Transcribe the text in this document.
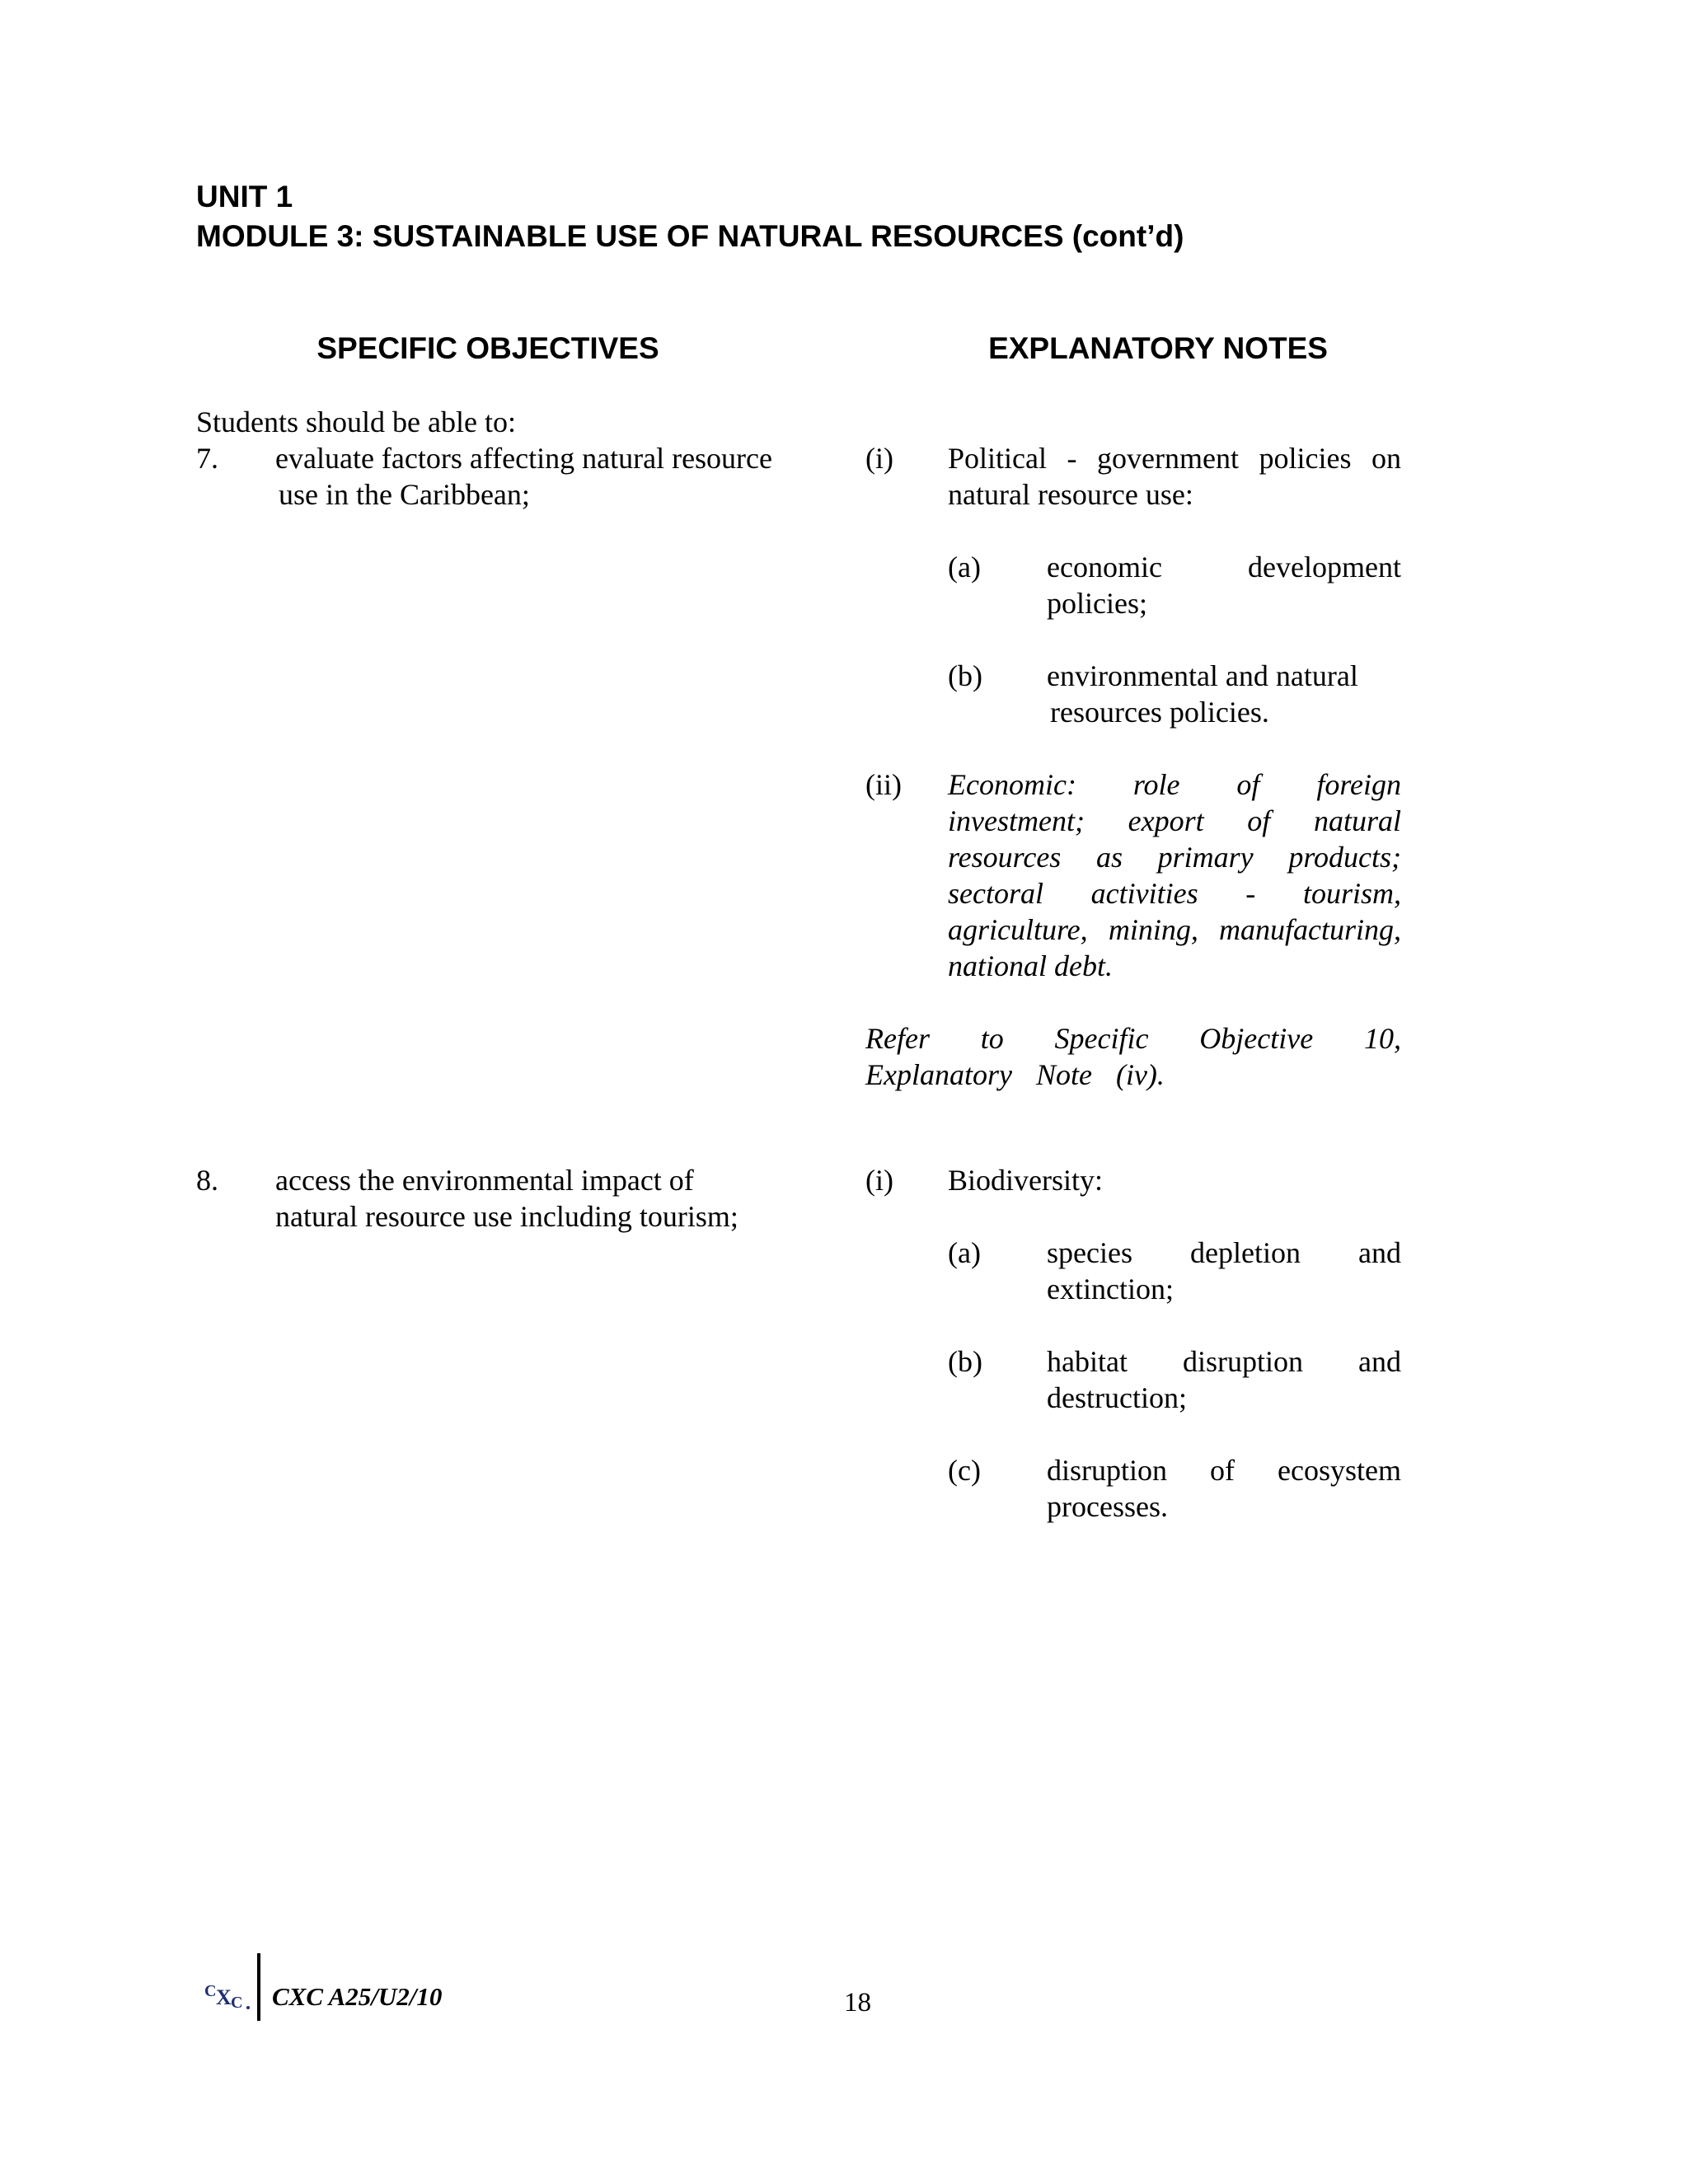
UNIT 1
MODULE 3: SUSTAINABLE USE OF NATURAL RESOURCES (cont’d)
SPECIFIC OBJECTIVES	EXPLANATORY NOTES
Students should be able to:
7. evaluate factors affecting natural resource
use in the Caribbean;
(i) Political - government policies on
natural resource use:
(a) economic development
policies;
(b) environmental and natural
resources policies.
(ii) Economic: role of foreign
investment; export of natural
resources as primary products;
sectoral activities - tourism,
agriculture, mining, manufacturing,
national debt.
Refer to Specific Objective 10,
Explanatory Note (iv).
8. access the environmental impact of
natural resource use including tourism;
(i) Biodiversity:
(a) species depletion and
extinction;
(b) habitat disruption and
destruction;
(c) disruption of ecosystem
processes.
C X C CXC A25/U2/10	18
